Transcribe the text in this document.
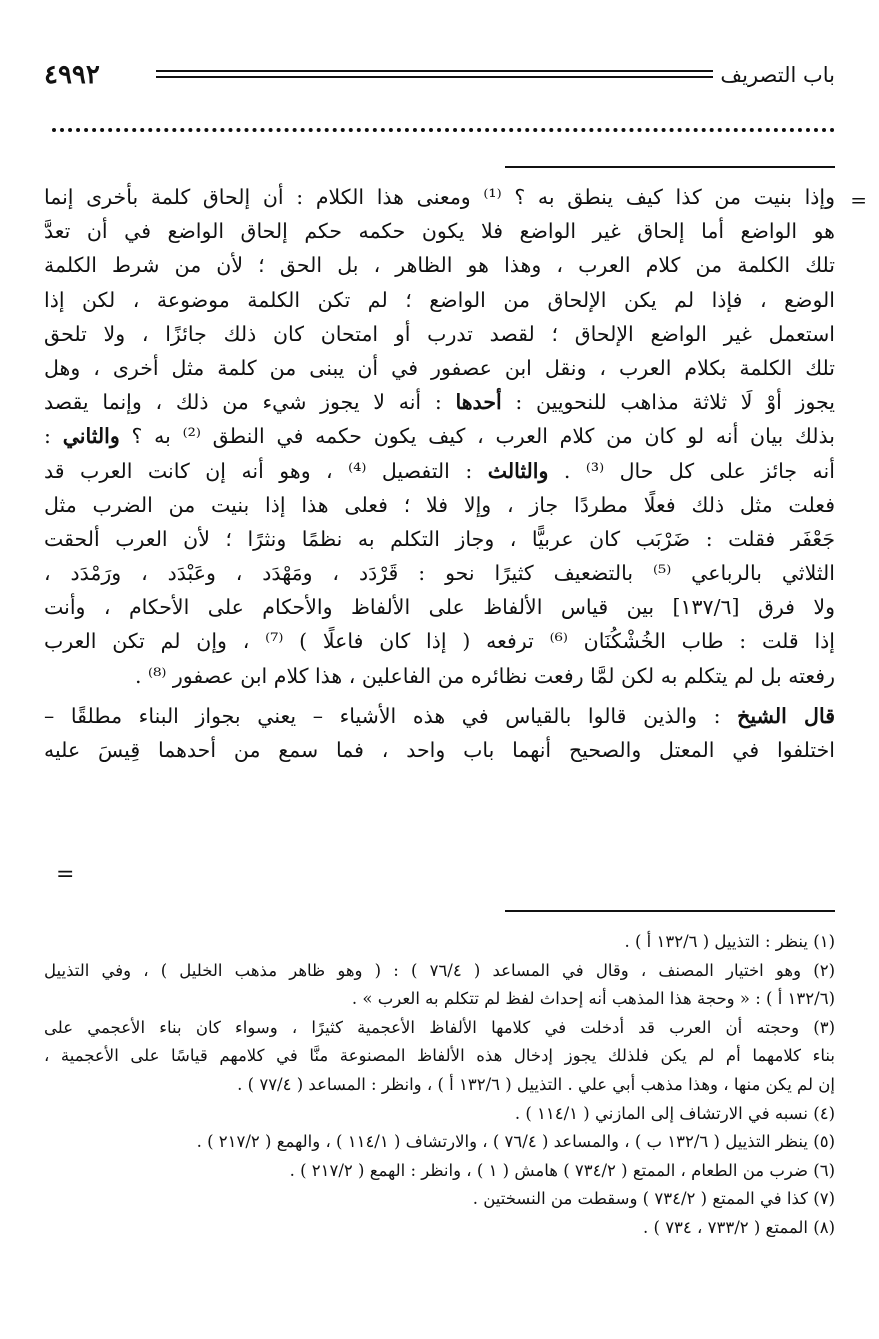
٤٩٩٢	باب التصريف
=

وإذا بنيت من كذا كيف ينطق به ؟ ⁽¹⁾ ومعنى هذا الكلام : أن إلحاق كلمة بأخرى إنما
هو الواضع أما إلحاق غير الواضع فلا يكون حكمه حكم إلحاق الواضع في أن تعدَّ
تلك الكلمة من كلام العرب ، وهذا هو الظاهر ، بل الحق ؛ لأن من شرط الكلمة
الوضع ، فإذا لم يكن الإلحاق من الواضع ؛ لم تكن الكلمة موضوعة ، لكن إذا
استعمل غير الواضع الإلحاق ؛ لقصد تدرب أو امتحان كان ذلك جائزًا ، ولا تلحق
تلك الكلمة بكلام العرب ، ونقل ابن عصفور في أن يبنى من كلمة مثل أخرى ، وهل
يجوز أوْ لَا ثلاثة مذاهب للنحويين : أحدها : أنه لا يجوز شيء من ذلك ، وإنما يقصد
بذلك بيان أنه لو كان من كلام العرب ، كيف يكون حكمه في النطق ⁽²⁾ به ؟ والثاني :
أنه جائز على كل حال ⁽³⁾ . والثالث : التفصيل ⁽⁴⁾ ، وهو أنه إن كانت العرب قد
فعلت مثل ذلك فعلًا مطردًا جاز ، وإلا فلا ؛ فعلى هذا إذا بنيت من الضرب مثل
جَعْفَر فقلت : ضَرْبَب كان عربيًّا ، وجاز التكلم به نظمًا ونثرًا ؛ لأن العرب ألحقت
الثلاثي بالرباعي ⁽⁵⁾ بالتضعيف كثيرًا نحو : قَرْدَد ، ومَهْدَد ، وعَبْدَد ، ورَمْدَد ،
ولا فرق [١٣٧/٦] بين قياس الألفاظ على الألفاظ والأحكام على الأحكام ، وأنت
إذا قلت : طاب الخُشْكُنَان ⁽⁶⁾ ترفعه ( إذا كان فاعلًا ) ⁽⁷⁾ ، وإن لم تكن العرب
رفعته بل لم يتكلم به لكن لمَّا رفعت نظائره من الفاعلين ، هذا كلام ابن عصفور ⁽⁸⁾ .

قال الشيخ : والذين قالوا بالقياس في هذه الأشياء – يعني بجواز البناء مطلقًا –
اختلفوا في المعتل والصحيح أنهما باب واحد ، فما سمع من أحدهما قِيسَ عليه

=
(١) ينظر : التذييل ( ١٣٢/٦ أ ) .
(٢) وهو اختيار المصنف ، وقال في المساعد ( ٧٦/٤ ) : ( وهو ظاهر مذهب الخليل ) ، وفي التذييل
(١٣٢/٦ أ ) : « وحجة هذا المذهب أنه إحداث لفظ لم تتكلم به العرب » .
(٣) وحجته أن العرب قد أدخلت في كلامها الألفاظ الأعجمية كثيرًا ، وسواء كان بناء الأعجمي على
بناء كلامهما أم لم يكن فلذلك يجوز إدخال هذه الألفاظ المصنوعة منَّا في كلامهم قياسًا على الأعجمية ،
إن لم يكن منها ، وهذا مذهب أبي علي . التذييل ( ١٣٢/٦ أ ) ، وانظر : المساعد ( ٧٧/٤ ) .
(٤) نسبه في الارتشاف إلى المازني ( ١١٤/١ ) .
(٥) ينظر التذييل ( ١٣٢/٦ ب ) ، والمساعد ( ٧٦/٤ ) ، والارتشاف ( ١١٤/١ ) ، والهمع ( ٢١٧/٢ ) .
(٦) ضرب من الطعام ، الممتع ( ٧٣٤/٢ ) هامش ( ١ ) ، وانظر : الهمع ( ٢١٧/٢ ) .
(٧) كذا في الممتع ( ٧٣٤/٢ ) وسقطت من النسختين .
(٨) الممتع ( ٧٣٣/٢ ، ٧٣٤ ) .
